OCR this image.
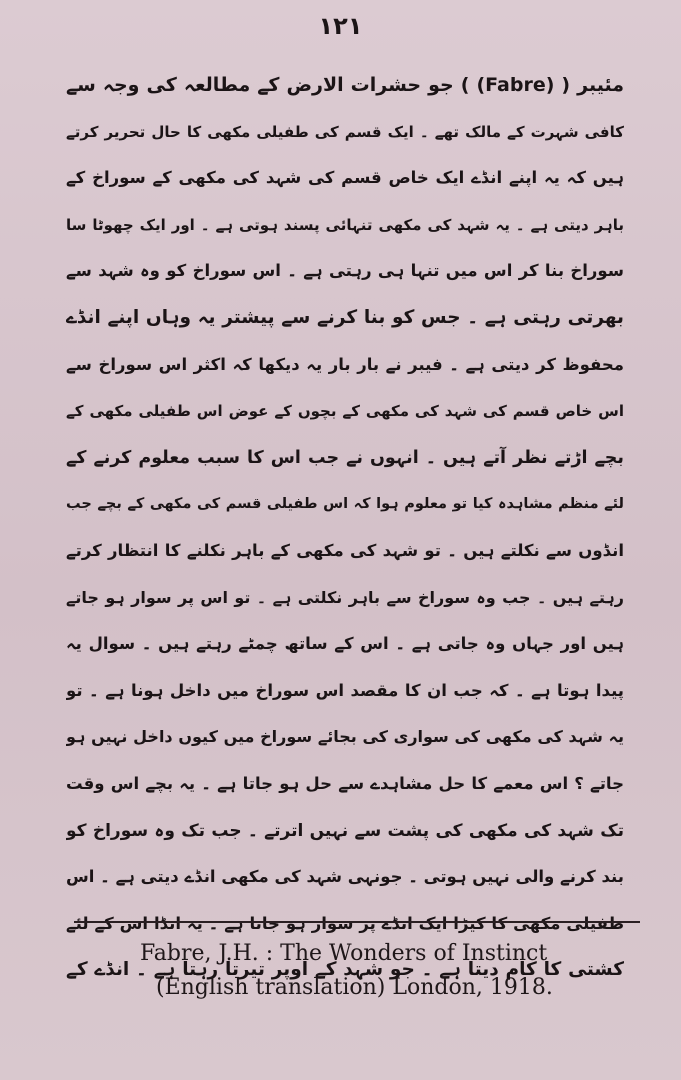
۱۲۱
مئیبر ( (Fabre) ) جو حشرات الارض کے مطالعہ کی وجہ سے
کافی شہرت کے مالک تھے ۔ ایک قسم کی طفیلی مکھی کا حال تحریر کرتے
ہیں کہ یہ اپنے انڈے ایک خاص قسم کی شہد کی مکھی کے سوراخ کے
باہر دیتی ہے ۔ یہ شہد کی مکھی تنہائی پسند ہوتی ہے ۔ اور ایک چھوٹا سا
سوراخ بنا کر اس میں تنہا ہی رہتی ہے ۔ اس سوراخ کو وہ شہد سے
بھرتی رہتی ہے ۔ جس کو بنا کرنے سے پیشتر یہ وہاں اپنے انڈے
محفوظ کر دیتی ہے ۔ فیبر نے بار بار یہ دیکھا کہ اکثر اس سوراخ سے
اس خاص قسم کی شہد کی مکھی کے بچوں کے عوض اس طفیلی مکھی کے
بچے اڑتے نظر آتے ہیں ۔ انہوں نے جب اس کا سبب معلوم کرنے کے
لئے منظم مشاہدہ کیا تو معلوم ہوا کہ اس طفیلی قسم کی مکھی کے بچے جب
انڈوں سے نکلتے ہیں ۔ تو شہد کی مکھی کے باہر نکلنے کا انتظار کرتے
رہتے ہیں ۔ جب وہ سوراخ سے باہر نکلتی ہے ۔ تو اس پر سوار ہو جاتے
ہیں اور جہاں وہ جاتی ہے ۔ اس کے ساتھ چمٹے رہتے ہیں ۔ سوال یہ
پیدا ہوتا ہے ۔ کہ جب ان کا مقصد اس سوراخ میں داخل ہونا ہے ۔ تو
یہ شہد کی مکھی کی سواری کی بجائے سوراخ میں کیوں داخل نہیں ہو
جاتے ؟ اس معمے کا حل مشاہدے سے حل ہو جاتا ہے ۔ یہ بچے اس وقت
تک شہد کی مکھی کی پشت سے نہیں اترتے ۔ جب تک وہ سوراخ کو
بند کرنے والی نہیں ہوتی ۔ جونہی شہد کی مکھی انڈے دیتی ہے ۔ اس
طفیلی مکھی کا کیڑا ایک انڈے پر سوار ہو جاتا ہے ۔ یہ انڈا اس کے لئے
کشتی کا کام دیتا ہے ۔ جو شہد کے اوپر تیرتا رہتا ہے ۔ انڈے کے
Fabre, J.H. : The Wonders of Instinct
(English translation) London, 1918.
